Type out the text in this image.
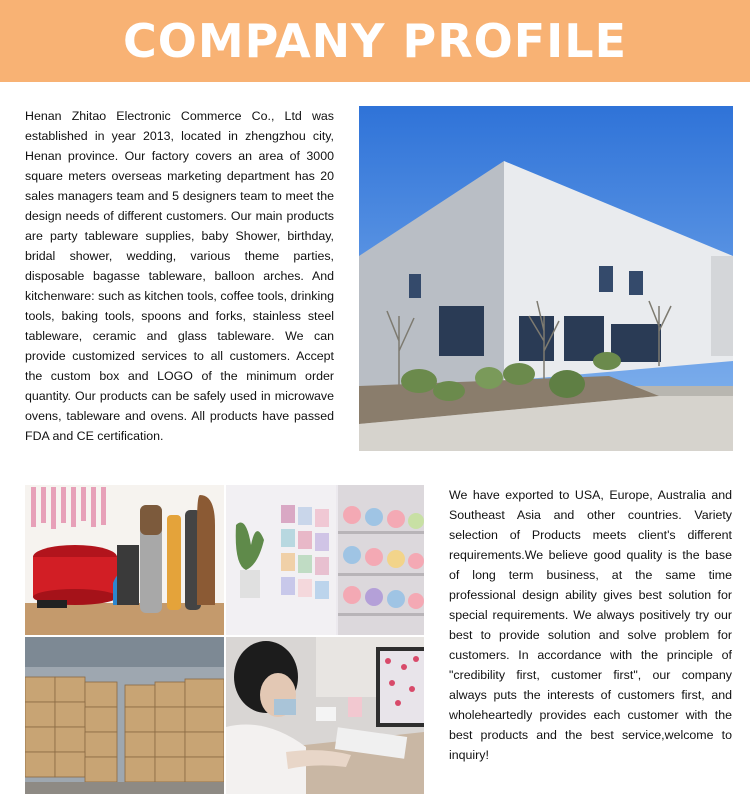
COMPANY PROFILE

Henan Zhitao Electronic Commerce Co., Ltd was established in year 2013, located in zhengzhou city, Henan province. Our factory covers an area of 3000 square meters overseas marketing department has 20 sales managers team and 5 designers team to meet the design needs of different customers. Our main products are party tableware supplies, baby Shower, birthday, bridal shower, wedding, various theme parties, disposable bagasse tableware, balloon arches. And kitchenware: such as kitchen tools, coffee tools, drinking tools, baking tools, spoons and forks, stainless steel tableware, ceramic and glass tableware. We can provide customized services to all customers. Accept the custom box and LOGO of the minimum order quantity. Our products can be safely used in microwave ovens, tableware and ovens. All products have passed FDA and CE certification.

We have exported to USA, Europe, Australia and Southeast Asia and other countries. Variety selection of Products meets client's different requirements.We believe good quality is the base of long term business, at the same time professional design ability gives best solution for special requirements. We always positively try our best to provide solution and solve problem for customers. In accordance with the principle of "credibility first, customer first", our company always puts the interests of customers first, and wholeheartedly provides each customer with the best products and the best service,welcome to inquiry!
